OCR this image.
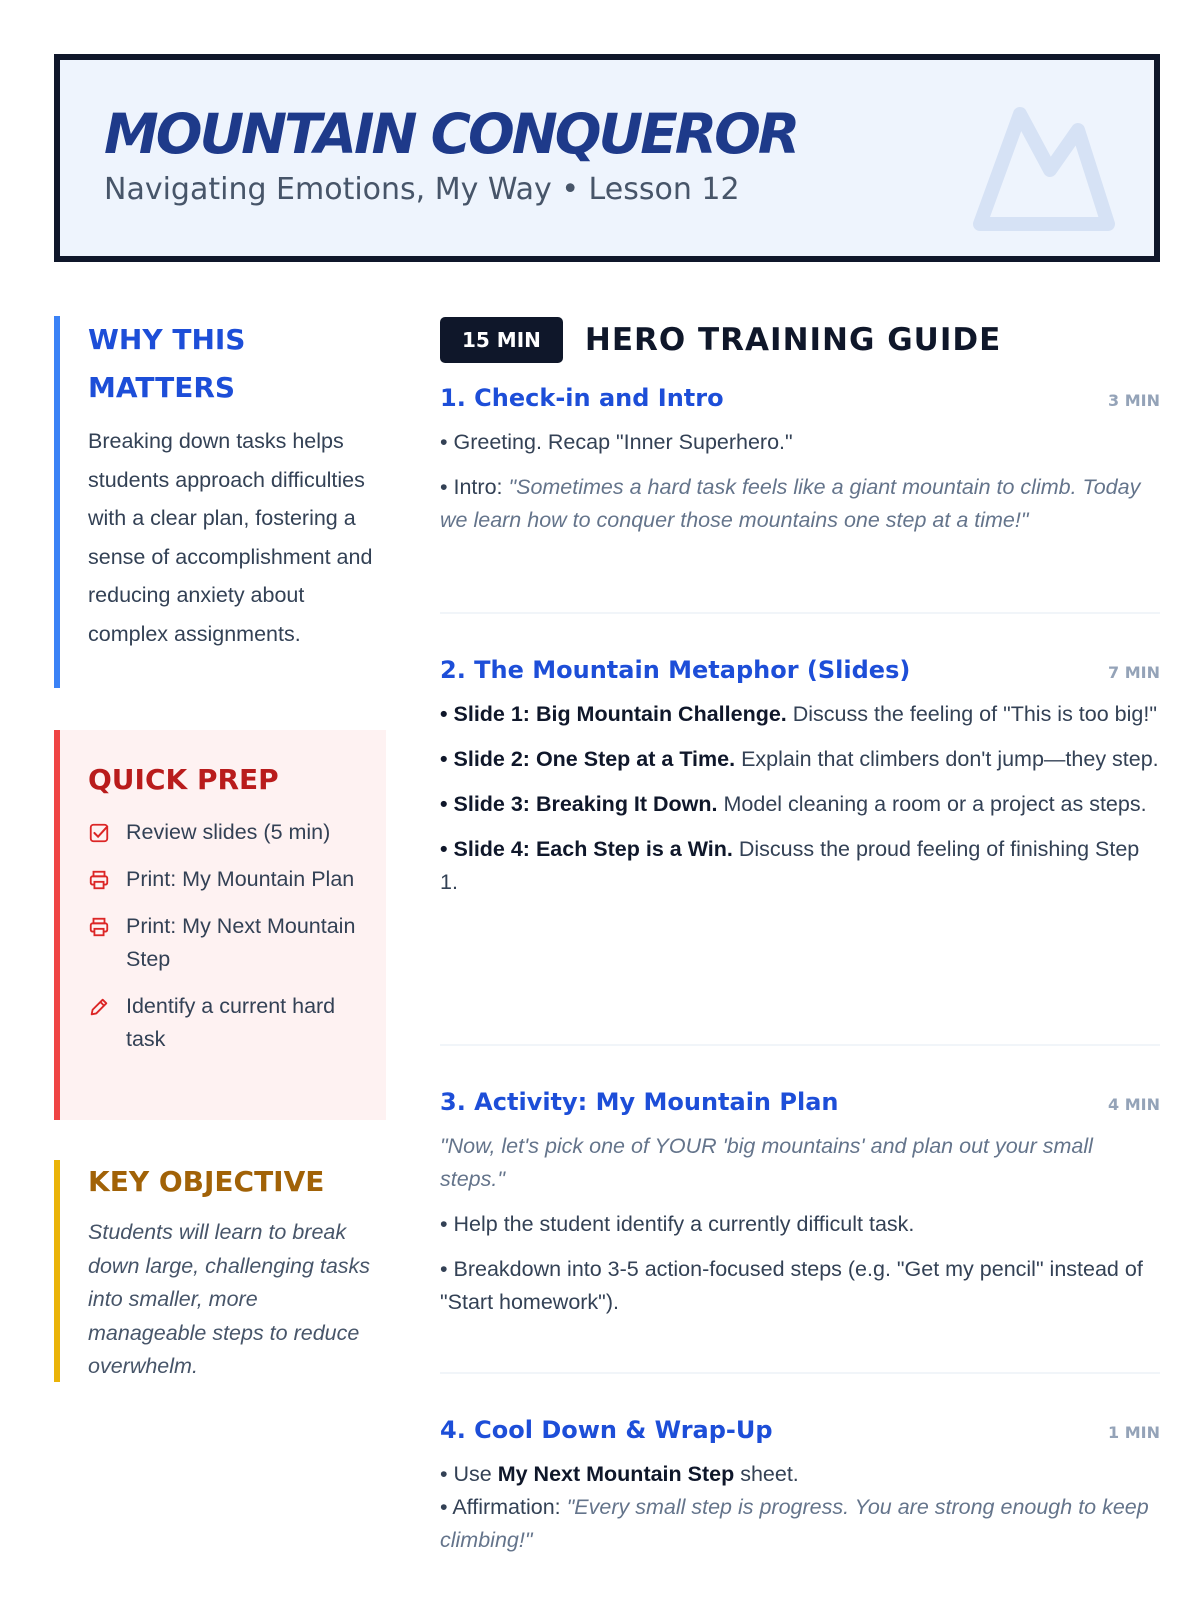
MOUNTAIN CONQUEROR
Navigating Emotions, My Way • Lesson 12
WHY THIS
MATTERS

Breaking down tasks helps students approach difficulties with a clear plan, fostering a sense of accomplishment and reducing anxiety about complex assignments.

QUICK PREP
Review slides (5 min)
Print: My Mountain Plan
Print: My Next Mountain Step
Identify a current hard task
KEY OBJECTIVE

Students will learn to break down large, challenging tasks into smaller, more manageable steps to reduce overwhelm.

15 MIN	HERO TRAINING GUIDE
1. Check-in and Intro	3 MIN
• Greeting. Recap "Inner Superhero."
• Intro: "Sometimes a hard task feels like a giant mountain to climb. Today we learn how to conquer those mountains one step at a time!"
2. The Mountain Metaphor (Slides)	7 MIN
• Slide 1: Big Mountain Challenge. Discuss the feeling of "This is too big!"
• Slide 2: One Step at a Time. Explain that climbers don't jump—they step.
• Slide 3: Breaking It Down. Model cleaning a room or a project as steps.
• Slide 4: Each Step is a Win. Discuss the proud feeling of finishing Step 1.
3. Activity: My Mountain Plan	4 MIN
"Now, let's pick one of YOUR 'big mountains' and plan out your small steps."
• Help the student identify a currently difficult task.
• Breakdown into 3-5 action-focused steps (e.g. "Get my pencil" instead of "Start homework").
4. Cool Down & Wrap-Up	1 MIN
• Use My Next Mountain Step sheet.
• Affirmation: "Every small step is progress. You are strong enough to keep climbing!"
